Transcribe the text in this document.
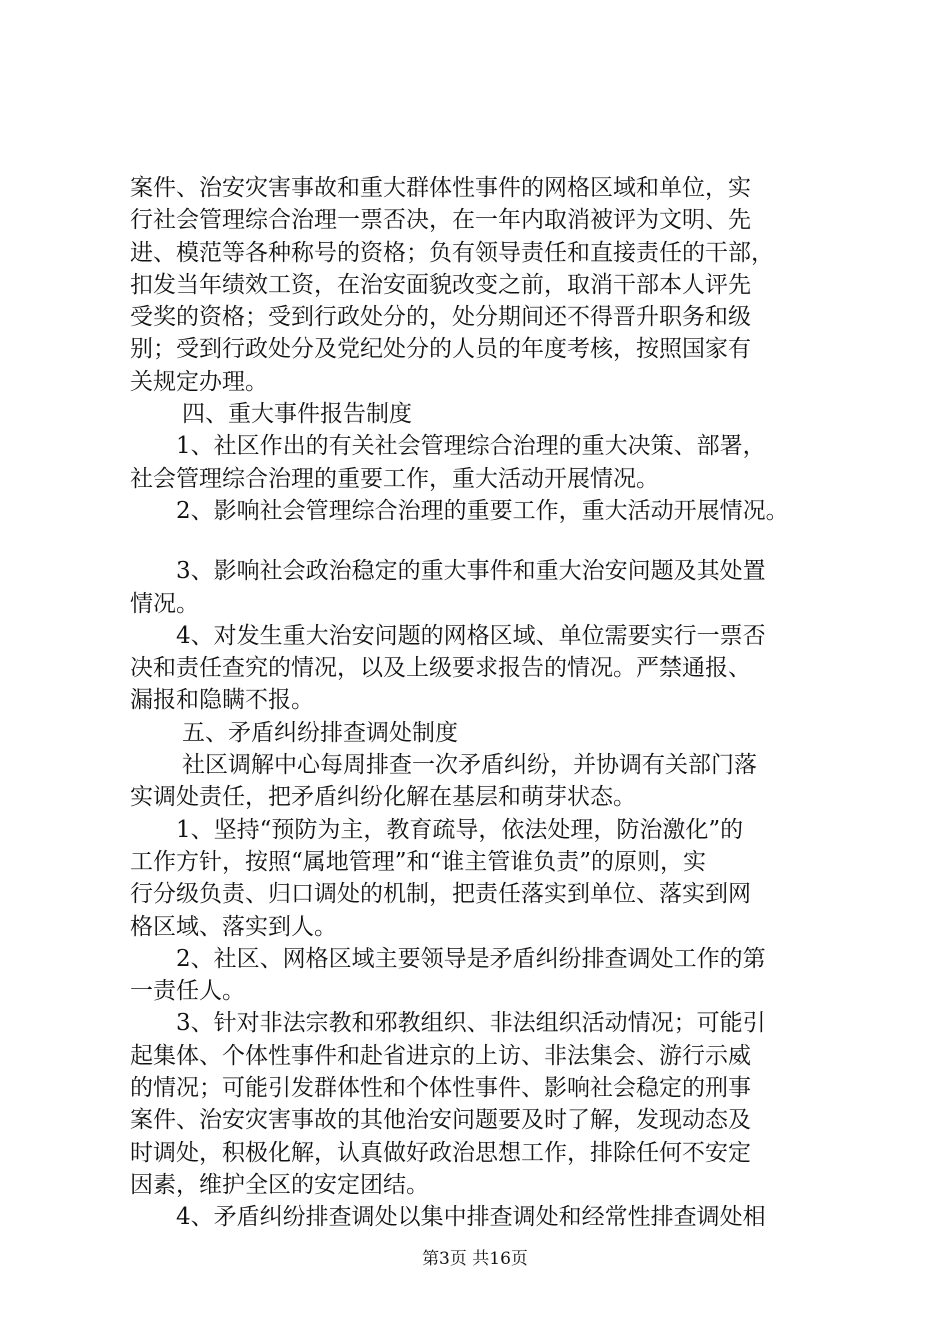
案件、治安灾害事故和重大群体性事件的网格区域和单位，实
行社会管理综合治理一票否决，在一年内取消被评为文明、先
进、模范等各种称号的资格；负有领导责任和直接责任的干部，
扣发当年绩效工资，在治安面貌改变之前，取消干部本人评先
受奖的资格；受到行政处分的，处分期间还不得晋升职务和级
别；受到行政处分及党纪处分的人员的年度考核，按照国家有
关规定办理。
四、重大事件报告制度
1、社区作出的有关社会管理综合治理的重大决策、部署，
社会管理综合治理的重要工作，重大活动开展情况。
2、影响社会管理综合治理的重要工作，重大活动开展情况。
3、影响社会政治稳定的重大事件和重大治安问题及其处置
情况。
4、对发生重大治安问题的网格区域、单位需要实行一票否
决和责任查究的情况，以及上级要求报告的情况。严禁通报、
漏报和隐瞒不报。
五、矛盾纠纷排查调处制度
社区调解中心每周排查一次矛盾纠纷，并协调有关部门落
实调处责任，把矛盾纠纷化解在基层和萌芽状态。
1、坚持“预防为主，教育疏导，依法处理，防治激化”的
工作方针，按照“属地管理”和“谁主管谁负责”的原则，实
行分级负责、归口调处的机制，把责任落实到单位、落实到网
格区域、落实到人。
2、社区、网格区域主要领导是矛盾纠纷排查调处工作的第
一责任人。
3、针对非法宗教和邪教组织、非法组织活动情况；可能引
起集体、个体性事件和赴省进京的上访、非法集会、游行示威
的情况；可能引发群体性和个体性事件、影响社会稳定的刑事
案件、治安灾害事故的其他治安问题要及时了解，发现动态及
时调处，积极化解，认真做好政治思想工作，排除任何不安定
因素，维护全区的安定团结。
4、矛盾纠纷排查调处以集中排查调处和经常性排查调处相
第3页 共16页
